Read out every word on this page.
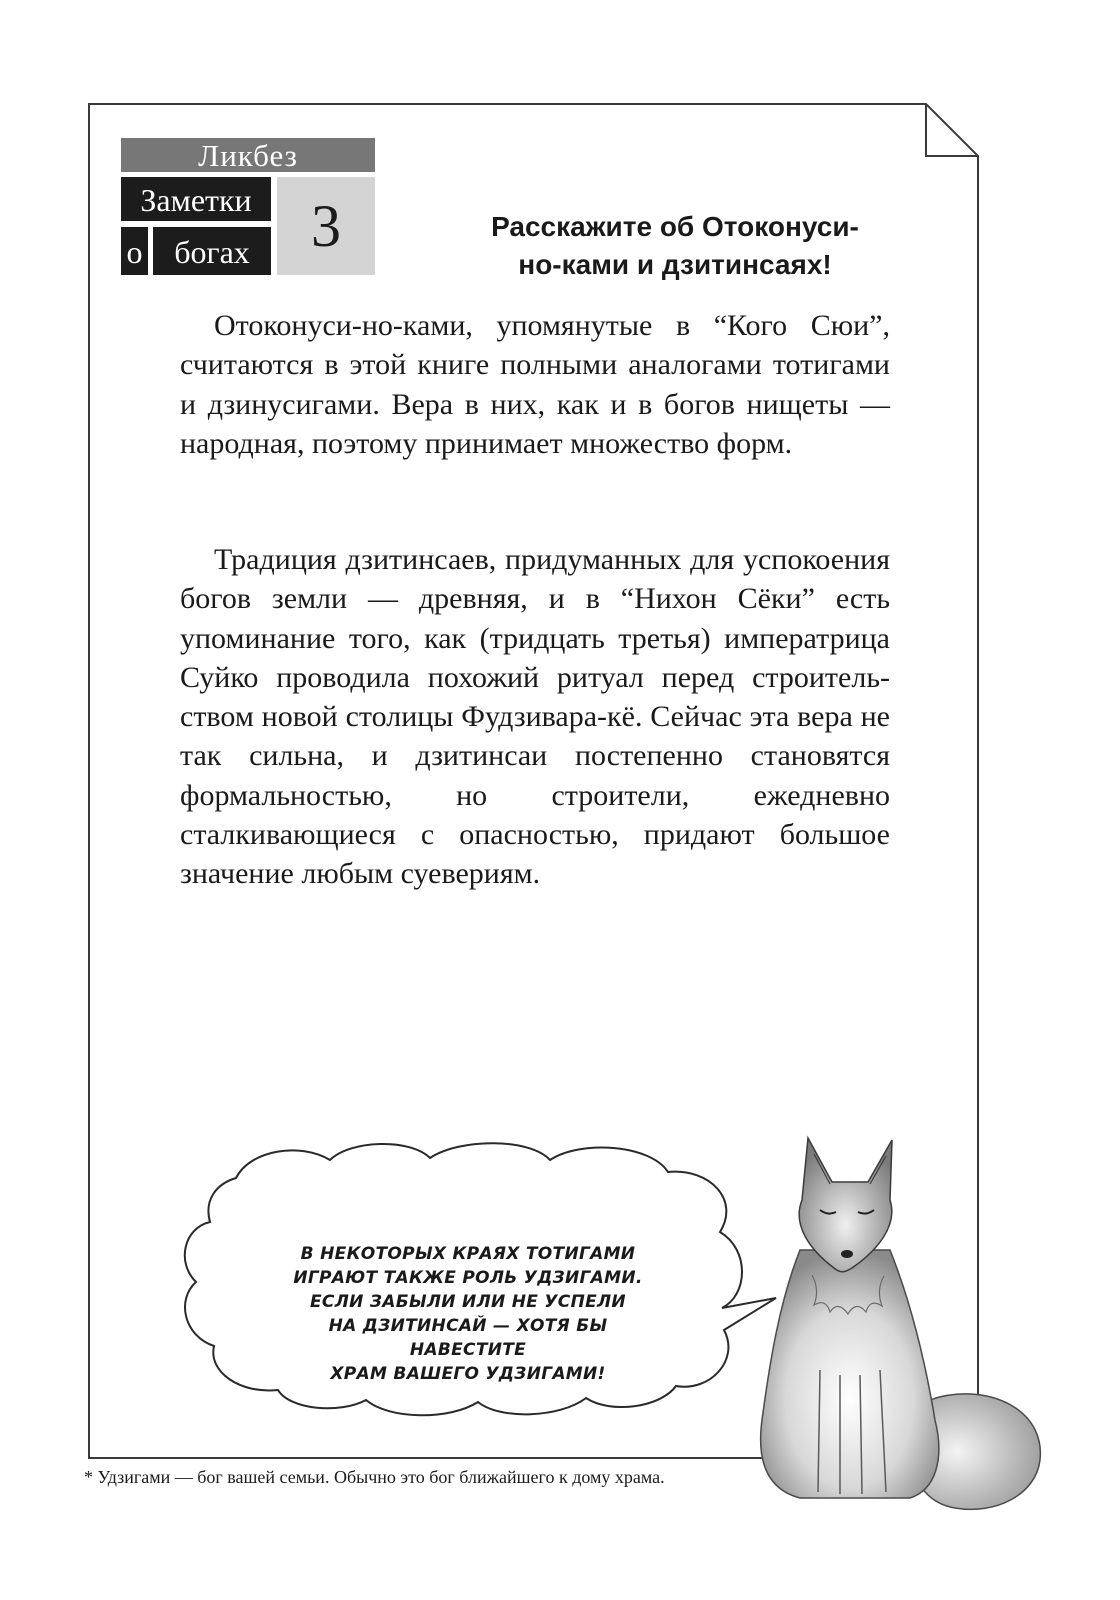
Ликбез
Заметки
о богах	3	Расскажите об Отоконуси-
но-ками и дзитинсаях!

Отоконуси-но-ками, упомянутые в “Кого Сюи”, считаются в этой книге полными аналогами тотигами и дзинусигами. Вера в них, как и в богов нищеты — народная, поэтому принимает множество форм.

Традиция дзитинсаев, придуманных для успокоения богов земли — древняя, и в “Нихон Сёки” есть упоминание того, как (тридцать третья) императрица Суйко проводила похожий ритуал перед строитель-ством новой столицы Фудзивара-кё. Сейчас эта вера не так сильна, и дзитинсаи постепенно становятся формальностью, но строители, ежедневно сталкивающиеся с опасностью, придают большое значение любым суевериям.

В НЕКОТОРЫХ КРАЯХ ТОТИГАМИ
ИГРАЮТ ТАКЖЕ РОЛЬ УДЗИГАМИ.
ЕСЛИ ЗАБЫЛИ ИЛИ НЕ УСПЕЛИ
НА ДЗИТИНСАЙ — ХОТЯ БЫ НАВЕСТИТЕ
ХРАМ ВАШЕГО УДЗИГАМИ!
* Удзигами — бог вашей семьи. Обычно это бог ближайшего к дому храма.
